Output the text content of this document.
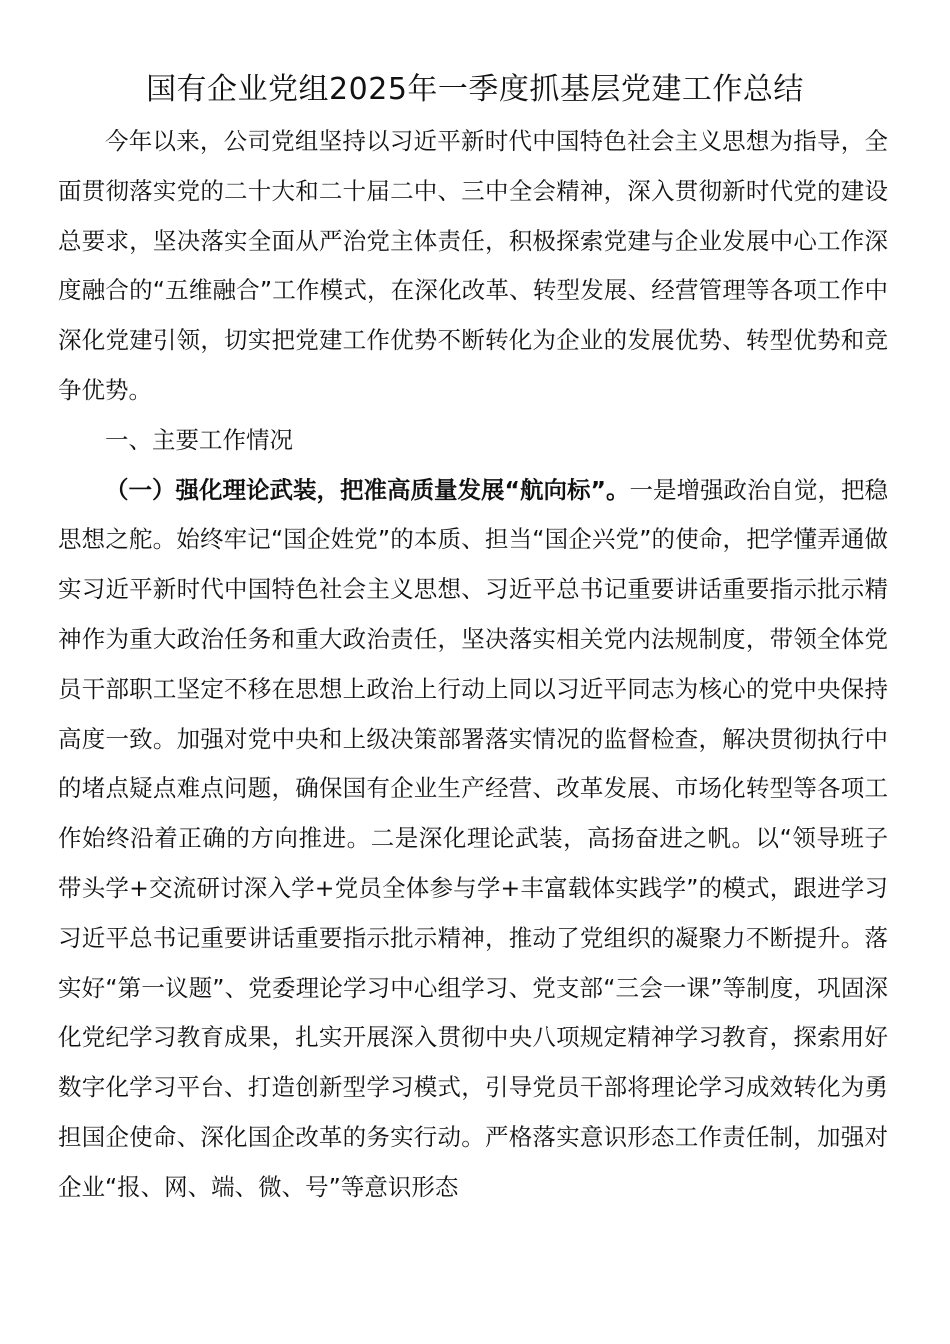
国有企业党组2025年一季度抓基层党建工作总结

今年以来，公司党组坚持以习近平新时代中国特色社会主义思想为指导，全面贯彻落实党的二十大和二十届二中、三中全会精神，深入贯彻新时代党的建设总要求，坚决落实全面从严治党主体责任，积极探索党建与企业发展中心工作深度融合的“五维融合”工作模式，在深化改革、转型发展、经营管理等各项工作中深化党建引领，切实把党建工作优势不断转化为企业的发展优势、转型优势和竞争优势。

一、主要工作情况

（一）强化理论武装，把准高质量发展“航向标”。一是增强政治自觉，把稳思想之舵。始终牢记“国企姓党”的本质、担当“国企兴党”的使命，把学懂弄通做实习近平新时代中国特色社会主义思想、习近平总书记重要讲话重要指示批示精神作为重大政治任务和重大政治责任，坚决落实相关党内法规制度，带领全体党员干部职工坚定不移在思想上政治上行动上同以习近平同志为核心的党中央保持高度一致。加强对党中央和上级决策部署落实情况的监督检查，解决贯彻执行中的堵点疑点难点问题，确保国有企业生产经营、改革发展、市场化转型等各项工作始终沿着正确的方向推进。二是深化理论武装，高扬奋进之帆。以“领导班子带头学+交流研讨深入学+党员全体参与学+丰富载体实践学”的模式，跟进学习习近平总书记重要讲话重要指示批示精神，推动了党组织的凝聚力不断提升。落实好“第一议题”、党委理论学习中心组学习、党支部“三会一课”等制度，巩固深化党纪学习教育成果，扎实开展深入贯彻中央八项规定精神学习教育，探索用好数字化学习平台、打造创新型学习模式，引导党员干部将理论学习成效转化为勇担国企使命、深化国企改革的务实行动。严格落实意识形态工作责任制，加强对企业“报、网、端、微、号”等意识形态
